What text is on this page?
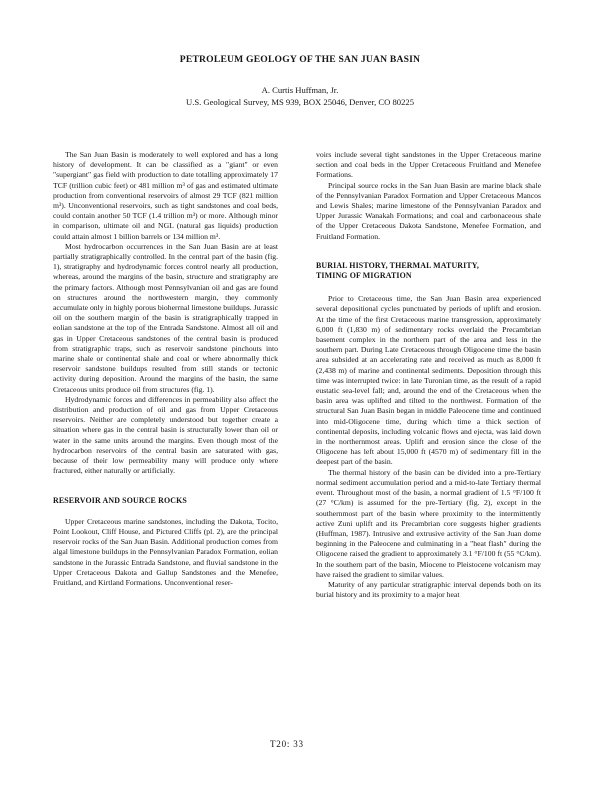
PETROLEUM GEOLOGY OF THE SAN JUAN BASIN
A. Curtis Huffman, Jr.
U.S. Geological Survey, MS 939, BOX 25046, Denver, CO 80225

The San Juan Basin is moderately to well explored and has a long history of development. It can be classified as a "giant" or even "supergiant" gas field with production to date totalling approximately 17 TCF (trillion cubic feet) or 481 million m³ of gas and estimated ultimate production from conventional reservoirs of almost 29 TCF (821 million m³). Unconventional reservoirs, such as tight sandstones and coal beds, could contain another 50 TCF (1.4 trillion m³) or more. Although minor in comparison, ultimate oil and NGL (natural gas liquids) production could attain almost 1 billion barrels or 134 million m³.

Most hydrocarbon occurrences in the San Juan Basin are at least partially stratigraphically controlled. In the central part of the basin (fig. 1), stratigraphy and hydrodynamic forces control nearly all production, whereas, around the margins of the basin, structure and stratigraphy are the primary factors. Although most Pennsylvanian oil and gas are found on structures around the northwestern margin, they commonly accumulate only in highly porous bioherrnal limestone buildups. Jurassic oil on the southern margin of the basin is stratigraphically trapped in eolian sandstone at the top of the Entrada Sandstone. Almost all oil and gas in Upper Cretaceous sandstones of the central basin is produced from stratigraphic traps, such as reservoir sandstone pinchouts into marine shale or continental shale and coal or where abnormally thick reservoir sandstone buildups resulted from still stands or tectonic activity during deposition. Around the margins of the basin, the same Cretaceous units produce oil from structures (fig. 1).

Hydrodynamic forces and differences in permeability also affect the distribution and production of oil and gas from Upper Cretaceous reservoirs. Neither are completely understood but together create a situation where gas in the central basin is structurally lower than oil or water in the same units around the margins. Even though most of the hydrocarbon reservoirs of the central basin are saturated with gas, because of their low permeability many will produce only where fractured, either naturally or artificially.

RESERVOIR AND SOURCE ROCKS

Upper Cretaceous marine sandstones, including the Dakota, Tocito, Point Lookout, Cliff House, and Pictured Cliffs (pl. 2), are the principal reservoir rocks of the San Juan Basin. Additional production comes from algal limestone buildups in the Pennsylvanian Paradox Formation, eolian sandstone in the Jurassic Entrada Sandstone, and fluvial sandstone in the Upper Cretaceous Dakota and Gallup Sandstones and the Menefee, Fruitland, and Kirtland Formations. Unconventional reser-

voirs include several tight sandstones in the Upper Cretaceous marine section and coal beds in the Upper Cretaceous Fruitland and Menefee Formations.

Principal source rocks in the San Juan Basin are marine black shale of the Pennsylvanian Paradox Formation and Upper Cretaceous Mancos and Lewis Shales; marine limestone of the Pennsylvanian Paradox and Upper Jurassic Wanakah Formations; and coal and carbonaceous shale of the Upper Cretaceous Dakota Sandstone, Menefee Formation, and Fruitland Formation.

BURIAL HISTORY, THERMAL MATURITY,
TIMING OF MIGRATION

Prior to Cretaceous time, the San Juan Basin area experienced several depositional cycles punctuated by periods of uplift and erosion. At the time of the first Cretaceous marine transgression, approximately 6,000 ft (1,830 m) of sedimentary rocks overlaid the Precambrian basement complex in the northern part of the area and less in the southern part. During Late Cretaceous through Oligocene time the basin area subsided at an accelerating rate and received as much as 8,000 ft (2,438 m) of marine and continental sediments. Deposition through this time was interrupted twice: in late Turonian time, as the result of a rapid eustatic sea-level fall; and, around the end of the Cretaceous when the basin area was uplifted and tilted to the northwest. Formation of the structural San Juan Basin began in middle Paleocene time and continued into mid-Oligocene time, during which time a thick section of continental deposits, including volcanic flows and ejecta, was laid down in the northernmost areas. Uplift and erosion since the close of the Oligocene has left about 15,000 ft (4570 m) of sedimentary fill in the deepest part of the basin.

The thermal history of the basin can be divided into a pre-Tertiary normal sediment accumulation period and a mid-to-late Tertiary thermal event. Throughout most of the basin, a normal gradient of 1.5 °F/100 ft (27 °C/km) is assumed for the pre-Tertiary (fig. 2), except in the southernmost part of the basin where proximity to the intermittently active Zuni uplift and its Precambrian core suggests higher gradients (Huffman, 1987). Intrusive and extrusive activity of the San Juan dome beginning in the Paleocene and culminating in a "heat flash" during the Oligocene raised the gradient to approximately 3.1 °F/100 ft (55 °C/km). In the southern part of the basin, Miocene to Pleistocene volcanism may have raised the gradient to similar values.

Maturity of any particular stratigraphic interval depends both on its burial history and its proximity to a major heat

T20: 33
